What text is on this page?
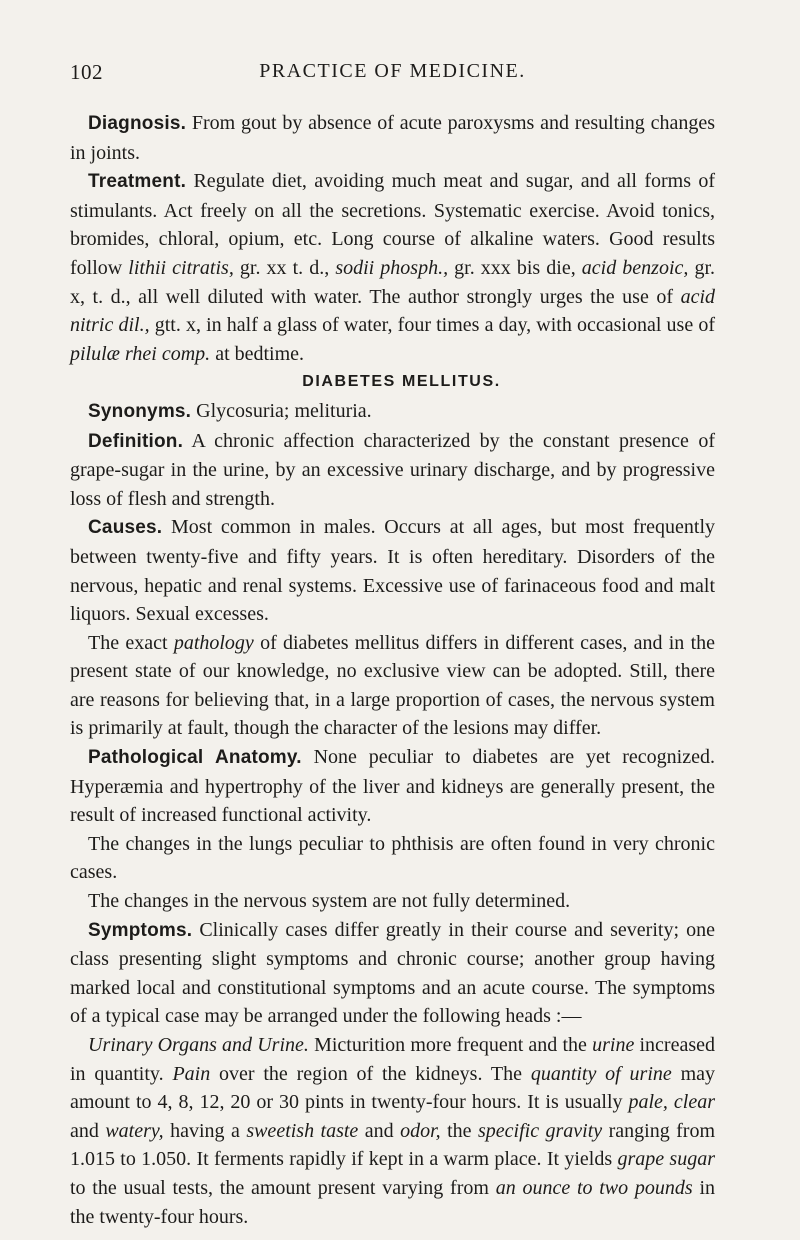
102	PRACTICE OF MEDICINE.

Diagnosis. From gout by absence of acute paroxysms and resulting changes in joints.

Treatment. Regulate diet, avoiding much meat and sugar, and all forms of stimulants. Act freely on all the secretions. Systematic exercise. Avoid tonics, bromides, chloral, opium, etc. Long course of alkaline waters. Good results follow lithii citratis, gr. xx t. d., sodii phosph., gr. xxx bis die, acid benzoic, gr. x, t. d., all well diluted with water. The author strongly urges the use of acid nitric dil., gtt. x, in half a glass of water, four times a day, with occasional use of pilulæ rhei comp. at bedtime.

DIABETES MELLITUS.

Synonyms. Glycosuria; melituria.

Definition. A chronic affection characterized by the constant presence of grape-sugar in the urine, by an excessive urinary discharge, and by progressive loss of flesh and strength.

Causes. Most common in males. Occurs at all ages, but most frequently between twenty-five and fifty years. It is often hereditary. Disorders of the nervous, hepatic and renal systems. Excessive use of farinaceous food and malt liquors. Sexual excesses.

The exact pathology of diabetes mellitus differs in different cases, and in the present state of our knowledge, no exclusive view can be adopted. Still, there are reasons for believing that, in a large proportion of cases, the nervous system is primarily at fault, though the character of the lesions may differ.

Pathological Anatomy. None peculiar to diabetes are yet recognized. Hyperæmia and hypertrophy of the liver and kidneys are generally present, the result of increased functional activity.

The changes in the lungs peculiar to phthisis are often found in very chronic cases.

The changes in the nervous system are not fully determined.

Symptoms. Clinically cases differ greatly in their course and severity; one class presenting slight symptoms and chronic course; another group having marked local and constitutional symptoms and an acute course. The symptoms of a typical case may be arranged under the following heads :—

Urinary Organs and Urine. Micturition more frequent and the urine increased in quantity. Pain over the region of the kidneys. The quantity of urine may amount to 4, 8, 12, 20 or 30 pints in twenty-four hours. It is usually pale, clear and watery, having a sweetish taste and odor, the specific gravity ranging from 1.015 to 1.050. It ferments rapidly if kept in a warm place. It yields grape sugar to the usual tests, the amount present varying from an ounce to two pounds in the twenty-four hours.
